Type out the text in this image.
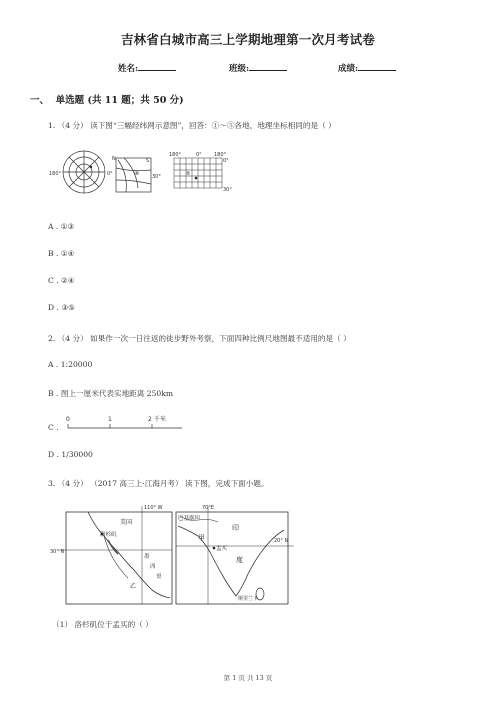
吉林省白城市高三上学期地理第一次月考试卷
姓名:	班级:	成绩:
一、 单选题 (共 11 题；共 50 分)
1. （4 分） 读下图“三幅经纬网示意图”，回答：①～⑤各地，地理坐标相同的是（ ）
180°	0°	④
N
30°
S
⑤
180°	0° 180°
0°
30°
A . ①③
B . ①④
C . ②④
D . ③⑤
2. （4 分） 如果作一次一日往返的徒步野外考察，下面四种比例尺地图最不适用的是（ ）
A . 1:20000
B . 图上一厘米代表实地距离 250km
C .
0	1	2 千米
D . 1/30000
3. （4 分） （2017 高三上·江海月考） 读下图，完成下面小题。
110° W
美国
洛杉矶
30° N
墨
西
哥
乙
70°E
巴基斯坦
印
甲
度
孟买
20° N
斯里兰卡
（1） 洛杉矶位于孟买的（ ）
第 1 页 共 13 页
